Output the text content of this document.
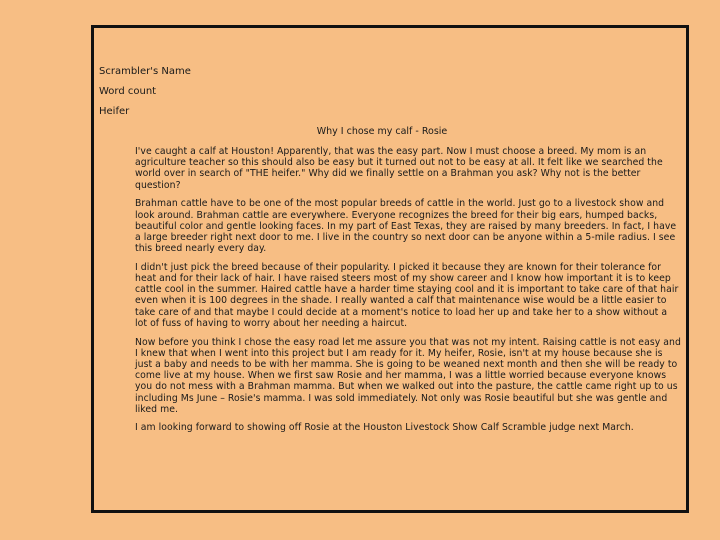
Scrambler's Name
Word count
Heifer
Why I chose my calf - Rosie

I've caught a calf at Houston! Apparently, that was the easy part. Now I must choose a breed. My mom is an agriculture teacher so this should also be easy but it turned out not to be easy at all. It felt like we searched the world over in search of "THE heifer." Why did we finally settle on a Brahman you ask? Why not is the better question?

Brahman cattle have to be one of the most popular breeds of cattle in the world. Just go to a livestock show and look around. Brahman cattle are everywhere. Everyone recognizes the breed for their big ears, humped backs, beautiful color and gentle looking faces. In my part of East Texas, they are raised by many breeders. In fact, I have a large breeder right next door to me. I live in the country so next door can be anyone within a 5-mile radius. I see this breed nearly every day.

I didn't just pick the breed because of their popularity. I picked it because they are known for their tolerance for heat and for their lack of hair. I have raised steers most of my show career and I know how important it is to keep cattle cool in the summer. Haired cattle have a harder time staying cool and it is important to take care of that hair even when it is 100 degrees in the shade. I really wanted a calf that maintenance wise would be a little easier to take care of and that maybe I could decide at a moment's notice to load her up and take her to a show without a lot of fuss of having to worry about her needing a haircut.

Now before you think I chose the easy road let me assure you that was not my intent. Raising cattle is not easy and I knew that when I went into this project but I am ready for it. My heifer, Rosie, isn't at my house because she is just a baby and needs to be with her mamma. She is going to be weaned next month and then she will be ready to come live at my house. When we first saw Rosie and her mamma, I was a little worried because everyone knows you do not mess with a Brahman mamma. But when we walked out into the pasture, the cattle came right up to us including Ms June – Rosie's mamma. I was sold immediately. Not only was Rosie beautiful but she was gentle and liked me.

I am looking forward to showing off Rosie at the Houston Livestock Show Calf Scramble judge next March.
